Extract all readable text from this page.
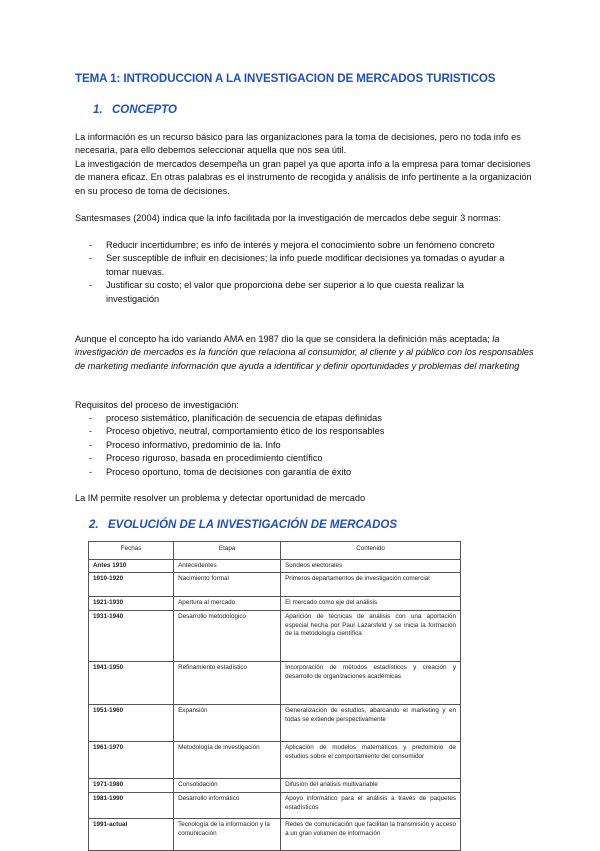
TEMA 1: INTRODUCCION A LA INVESTIGACION DE MERCADOS TURISTICOS
1. CONCEPTO

La información es un recurso básico para las organizaciones para la toma de decisiones, pero no toda info es necesaria, para ello debemos seleccionar aquella que nos sea útil.

La investigación de mercados desempeña un gran papel ya que aporta info a la empresa para tomar decisiones de manera eficaz. En otras palabras es el instrumento de recogida y análisis de info pertinente a la organización en su proceso de toma de decisiones.

Santesmases (2004) indica que la info facilitada por la investigación de mercados debe seguir 3 normas:

- Reducir incertidumbre; es info de interés y mejora el conocimiento sobre un fenómeno concreto
- Ser susceptible de influir en decisiones; la info puede modificar decisiones ya tomadas o ayudar a tomar nuevas.
- Justificar su costo; el valor que proporciona debe ser superior a lo que cuesta realizar la investigación

Aunque el concepto ha ido variando AMA en 1987 dio la que se considera la definición más aceptada; la investigación de mercados es la función que relaciona al consumidor, al cliente y al público con los responsables de marketing mediante información que ayuda a identificar y definir oportunidades y problemas del marketing

Requisitos del proceso de investigación:

- proceso sistemático, planificación de secuencia de etapas definidas
- Proceso objetivo, neutral, comportamiento ético de los responsables
- Proceso informativo, predominio de la. Info
- Proceso riguroso, basada en procedimiento científico
- Proceso oportuno, toma de decisiones con garantía de éxito

La IM permite resolver un problema y detectar oportunidad de mercado

2. EVOLUCIÓN DE LA INVESTIGACIÓN DE MERCADOS
Fechas	Etapa	Contenido
Antes 1910	Antecedentes	Sondeos electorales
1910-1920	Nacimiento formal	Primeros departamentos de investigación comercial
1921-1930	Apertura al mercado	El mercado como eje del análisis
1931-1940	Desarrollo metodológico	Aparición de técnicas de análisis con una aportación especial hecha por Paul Lazarsfeld y se inicia la formación de la metodología científica
1941-1950	Refinamiento estadístico	Incorporación de métodos estadísticos y creación y desarrollo de organizaciones académicas
1951-1960	Expansión	Generalización de estudios, abarcando el marketing y en todas se extiende perspectivamente
1961-1970	Metodología de investigación	Aplicación de modelos matemáticos y predominio de estudios sobre el comportamiento del consumidor
1971-1980	Consolidación	Difusión del análisis multivariable
1981-1990	Desarrollo informático	Apoyo informático para el análisis a través de paquetes estadísticos
1991-actual	Tecnología de la información y la comunicación	Redes de comunicación que facilitan la transmisión y acceso a un gran volumen de información
